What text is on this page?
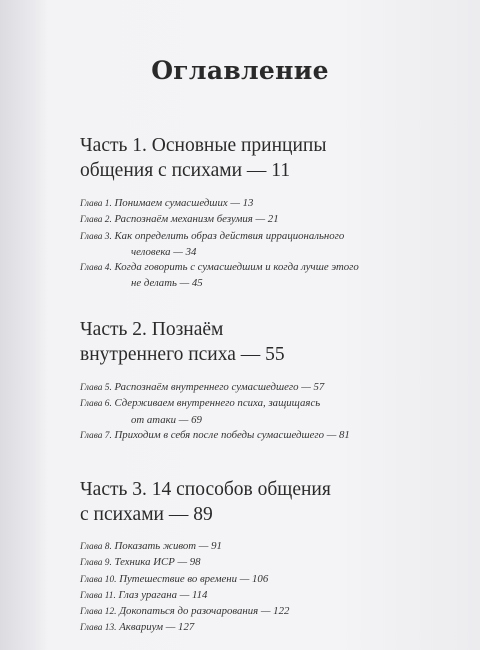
Оглавление

Часть 1. Основные принципы
общения с психами — 11

Глава 1. Понимаем сумасшедших — 13
Глава 2. Распознаём механизм безумия — 21
Глава 3. Как определить образ действия иррационального
человека — 34
Глава 4. Когда говорить с сумасшедшим и когда лучше этого
не делать — 45

Часть 2. Познаём
внутреннего психа — 55

Глава 5. Распознаём внутреннего сумасшедшего — 57
Глава 6. Сдерживаем внутреннего психа, защищаясь
от атаки — 69
Глава 7. Приходим в себя после победы сумасшедшего — 81

Часть 3. 14 способов общения
с психами — 89

Глава 8. Показать живот — 91
Глава 9. Техника ИСР — 98
Глава 10. Путешествие во времени — 106
Глава 11. Глаз урагана — 114
Глава 12. Докопаться до разочарования — 122
Глава 13. Аквариум — 127
